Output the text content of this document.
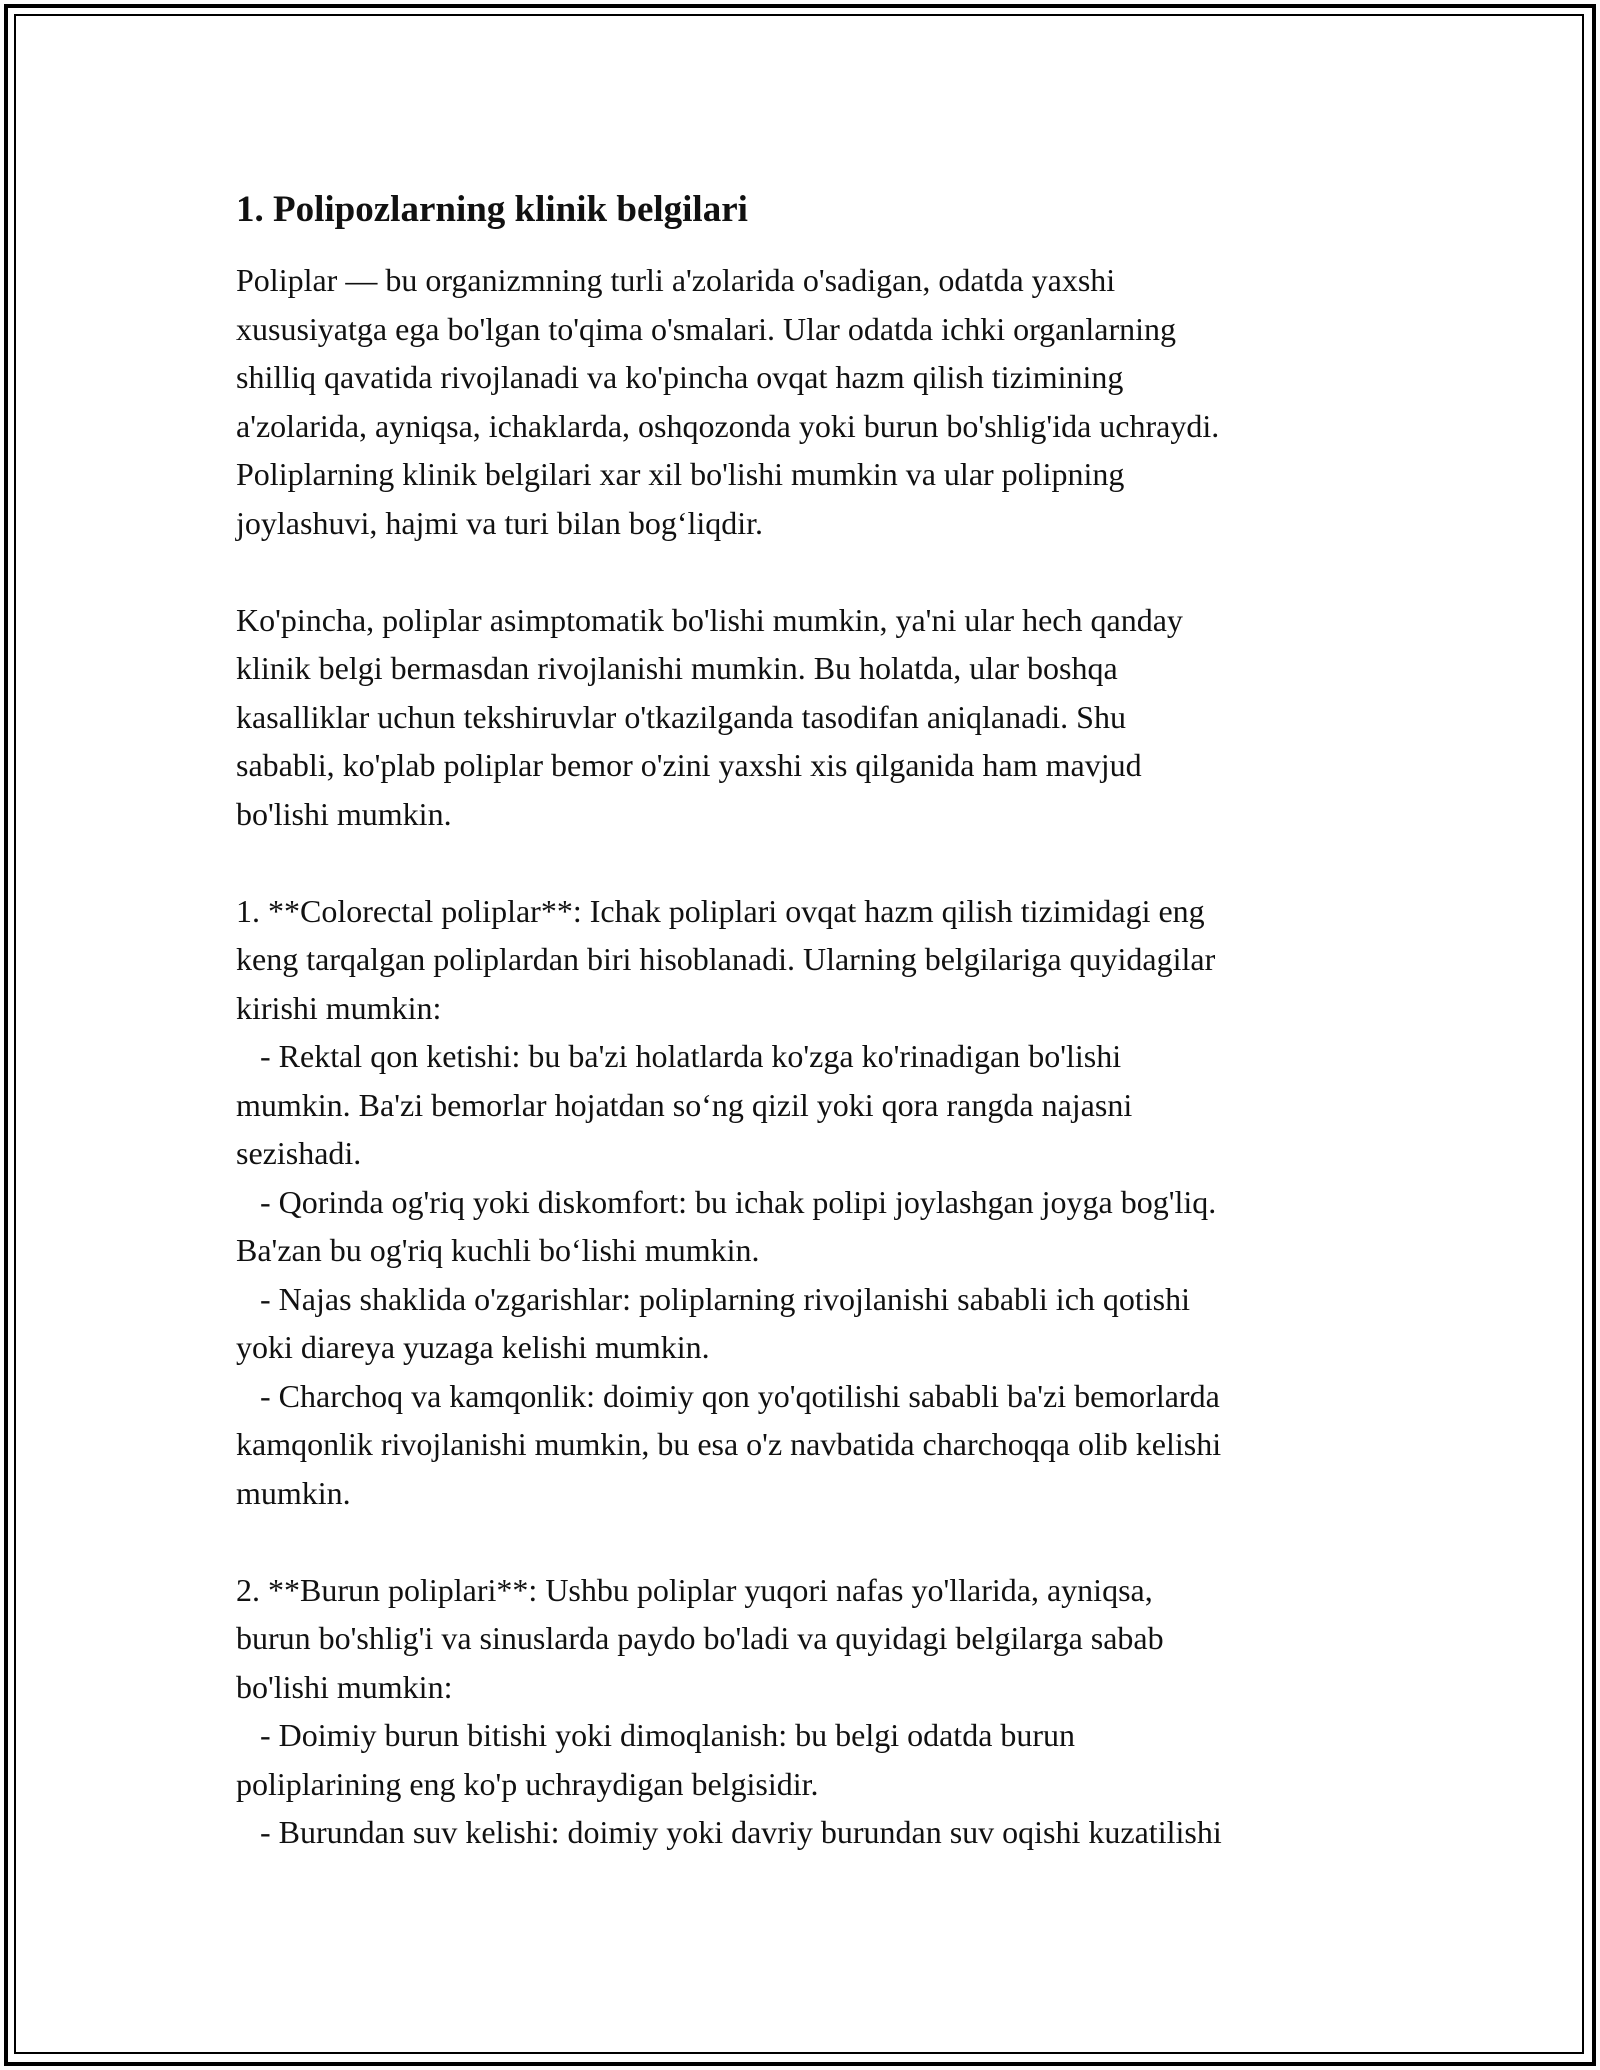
1. Polipozlarning klinik belgilari

Poliplar — bu organizmning turli a'zolarida o'sadigan, odatda yaxshi
xususiyatga ega bo'lgan to'qima o'smalari. Ular odatda ichki organlarning
shilliq qavatida rivojlanadi va ko'pincha ovqat hazm qilish tizimining
a'zolarida, ayniqsa, ichaklarda, oshqozonda yoki burun bo'shlig'ida uchraydi.
Poliplarning klinik belgilari xar xil bo'lishi mumkin va ular polipning
joylashuvi, hajmi va turi bilan bog‘liqdir.

Ko'pincha, poliplar asimptomatik bo'lishi mumkin, ya'ni ular hech qanday
klinik belgi bermasdan rivojlanishi mumkin. Bu holatda, ular boshqa
kasalliklar uchun tekshiruvlar o'tkazilganda tasodifan aniqlanadi. Shu
sababli, ko'plab poliplar bemor o'zini yaxshi xis qilganida ham mavjud
bo'lishi mumkin.

1. **Colorectal poliplar**: Ichak poliplari ovqat hazm qilish tizimidagi eng
keng tarqalgan poliplardan biri hisoblanadi. Ularning belgilariga quyidagilar
kirishi mumkin:
- Rektal qon ketishi: bu ba'zi holatlarda ko'zga ko'rinadigan bo'lishi
mumkin. Ba'zi bemorlar hojatdan so‘ng qizil yoki qora rangda najasni
sezishadi.
- Qorinda og'riq yoki diskomfort: bu ichak polipi joylashgan joyga bog'liq.
Ba'zan bu og'riq kuchli bo‘lishi mumkin.
- Najas shaklida o'zgarishlar: poliplarning rivojlanishi sababli ich qotishi
yoki diareya yuzaga kelishi mumkin.
- Charchoq va kamqonlik: doimiy qon yo'qotilishi sababli ba'zi bemorlarda
kamqonlik rivojlanishi mumkin, bu esa o'z navbatida charchoqqa olib kelishi
mumkin.

2. **Burun poliplari**: Ushbu poliplar yuqori nafas yo'llarida, ayniqsa,
burun bo'shlig'i va sinuslarda paydo bo'ladi va quyidagi belgilarga sabab
bo'lishi mumkin:
- Doimiy burun bitishi yoki dimoqlanish: bu belgi odatda burun
poliplarining eng ko'p uchraydigan belgisidir.
- Burundan suv kelishi: doimiy yoki davriy burundan suv oqishi kuzatilishi
